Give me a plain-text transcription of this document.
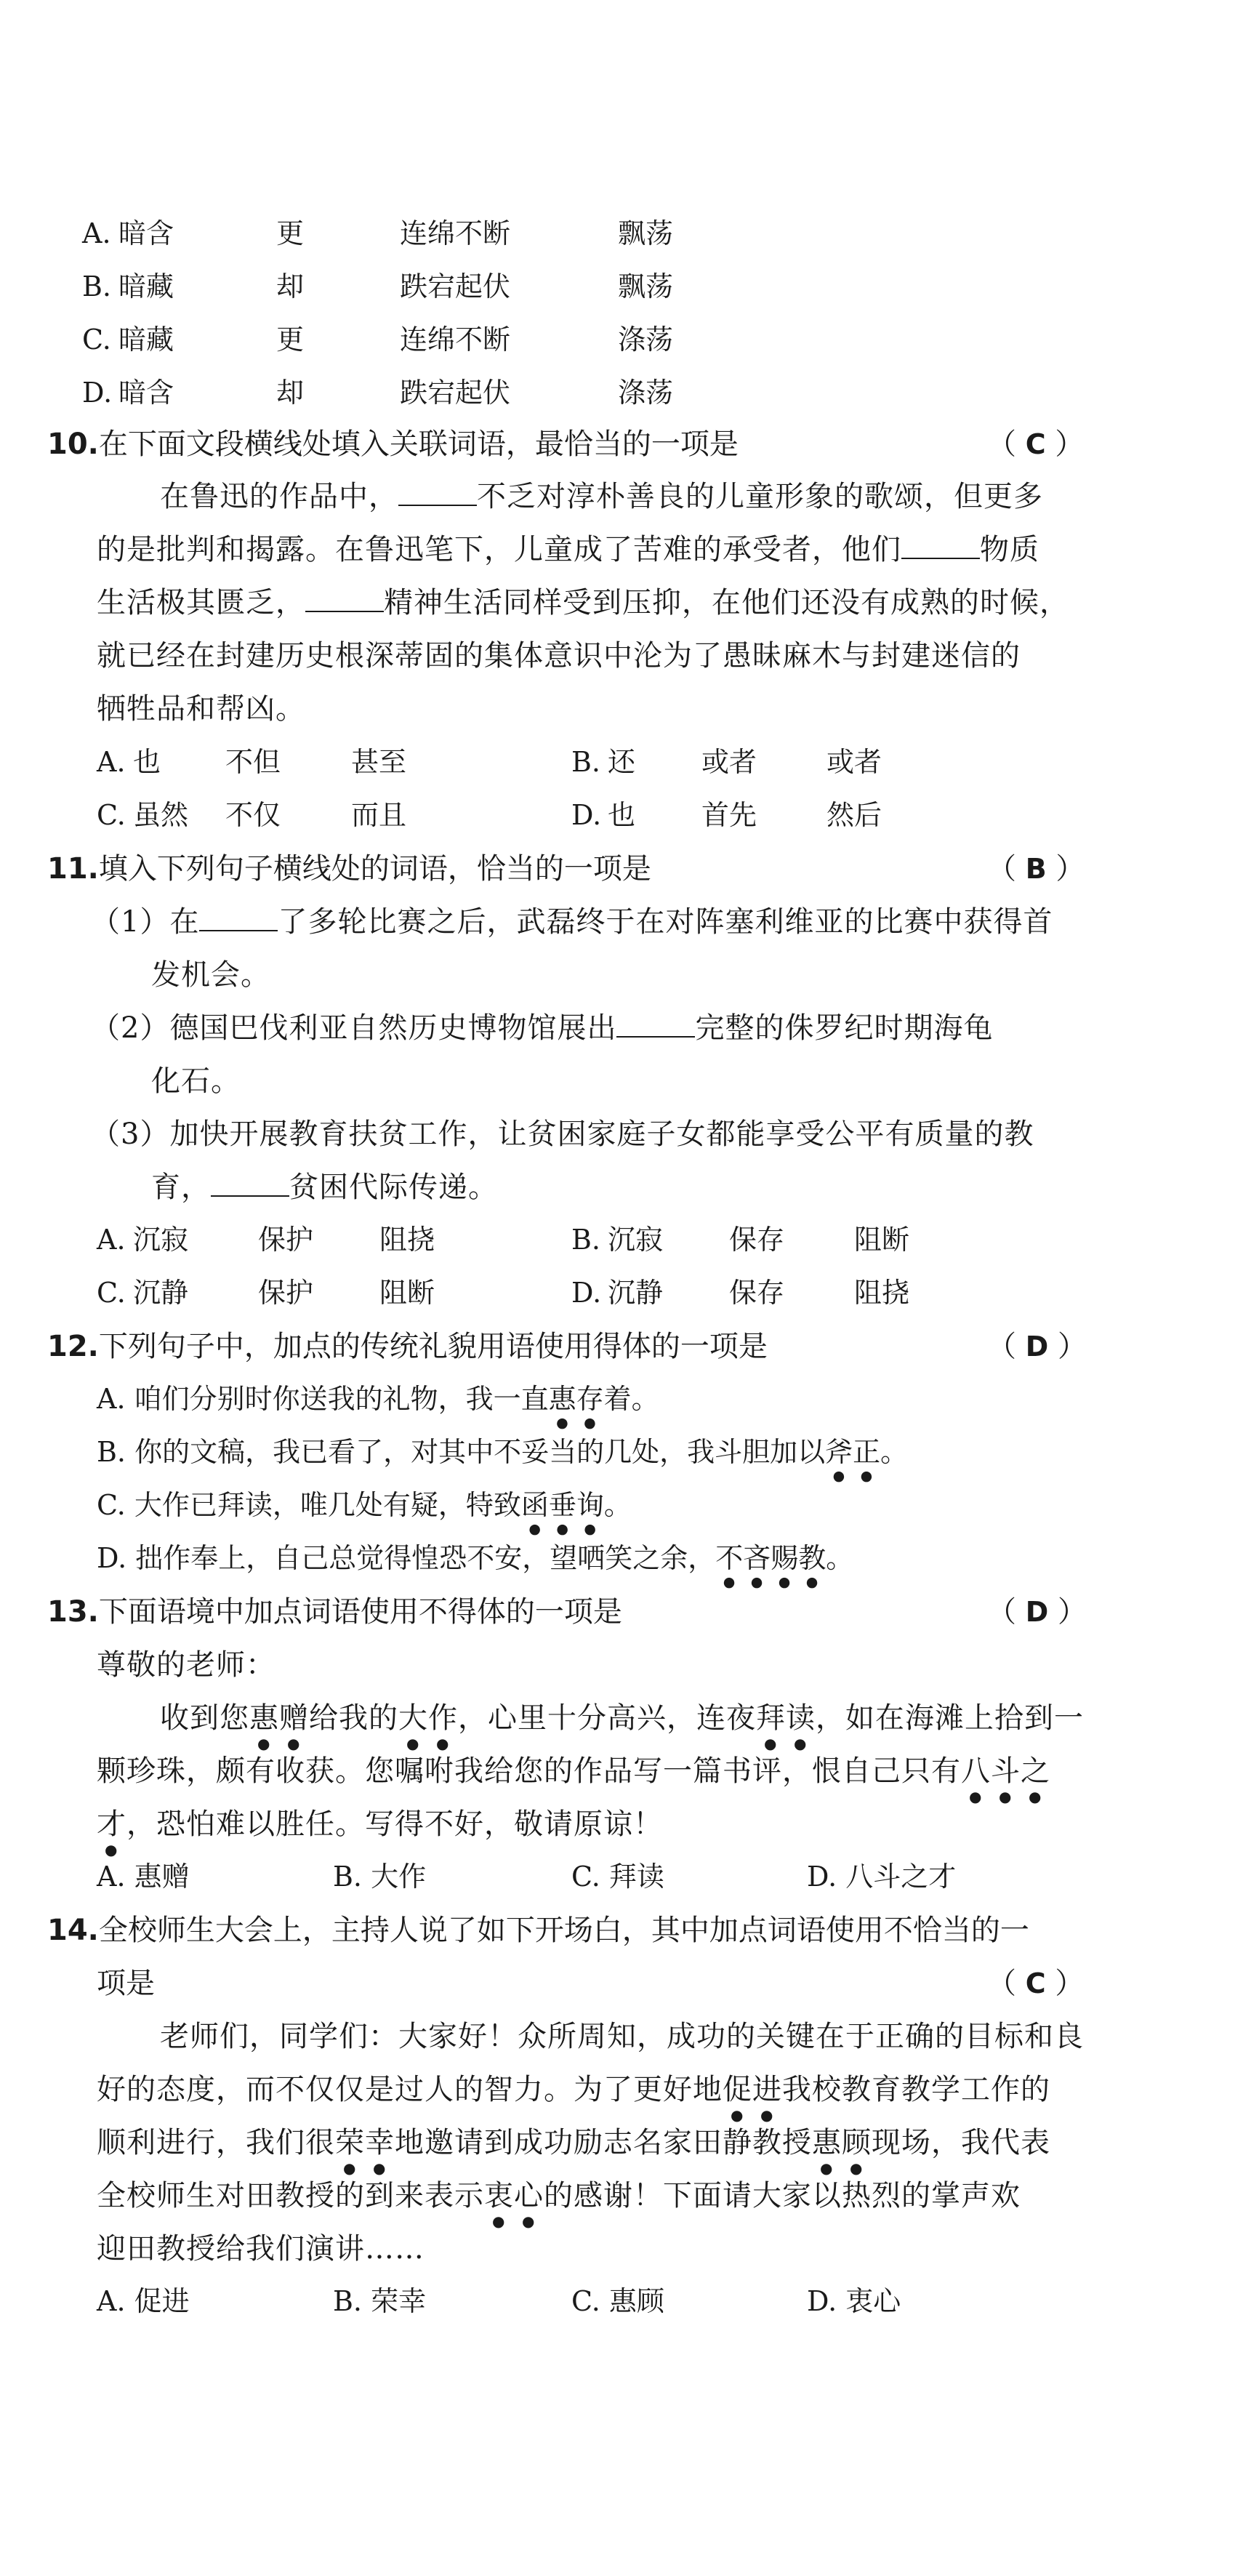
A. 暗含	更	连绵不断	飘荡
B. 暗藏	却	跌宕起伏	飘荡
C. 暗藏	更	连绵不断	涤荡
D. 暗含	却	跌宕起伏	涤荡
10.在下面文段横线处填入关联词语，最恰当的一项是	（ C ）
在鲁迅的作品中，	不乏对淳朴善良的儿童形象的歌颂，但更多
的是批判和揭露。在鲁迅笔下，儿童成了苦难的承受者，他们	物质
生活极其匮乏，	精神生活同样受到压抑，在他们还没有成熟的时候，
就已经在封建历史根深蒂固的集体意识中沦为了愚昧麻木与封建迷信的
牺牲品和帮凶。
A. 也 不但	甚至	B. 还 或者	或者
C. 虽然 不仅	而且	D. 也 首先	然后
11.填入下列句子横线处的词语，恰当的一项是	（ B ）
（1）在	了多轮比赛之后，武磊终于在对阵塞利维亚的比赛中获得首
发机会。
（2）德国巴伐利亚自然历史博物馆展出	完整的侏罗纪时期海龟
化石。
（3）加快开展教育扶贫工作，让贫困家庭子女都能享受公平有质量的教
育，	贫困代际传递。
A. 沉寂	保护 阻挠	B. 沉寂 保存	阻断
C. 沉静	保护 阻断	D. 沉静 保存	阻挠
12.下列句子中，加点的传统礼貌用语使用得体的一项是	（ D ）
A. 咱们分别时你送我的礼物，我一直惠存着。
B. 你的文稿，我已看了，对其中不妥当的几处，我斗胆加以斧正。
C. 大作已拜读，唯几处有疑，特致函垂询。
D. 拙作奉上，自己总觉得惶恐不安，望哂笑之余，不吝赐教。
13.下面语境中加点词语使用不得体的一项是	（ D ）
尊敬的老师：
收到您惠赠给我的大作，心里十分高兴，连夜拜读，如在海滩上拾到一
颗珍珠，颇有收获。您嘱咐我给您的作品写一篇书评，恨自己只有八斗之
才，恐怕难以胜任。写得不好，敬请原谅！
A. 惠赠	B. 大作	C. 拜读	D. 八斗之才
14.全校师生大会上，主持人说了如下开场白，其中加点词语使用不恰当的一
项是	（ C ）
老师们，同学们：大家好！众所周知，成功的关键在于正确的目标和良
好的态度，而不仅仅是过人的智力。为了更好地促进我校教育教学工作的
顺利进行，我们很荣幸地邀请到成功励志名家田静教授惠顾现场，我代表
全校师生对田教授的到来表示衷心的感谢！下面请大家以热烈的掌声欢
迎田教授给我们演讲……
A. 促进	B. 荣幸	C. 惠顾	D. 衷心
